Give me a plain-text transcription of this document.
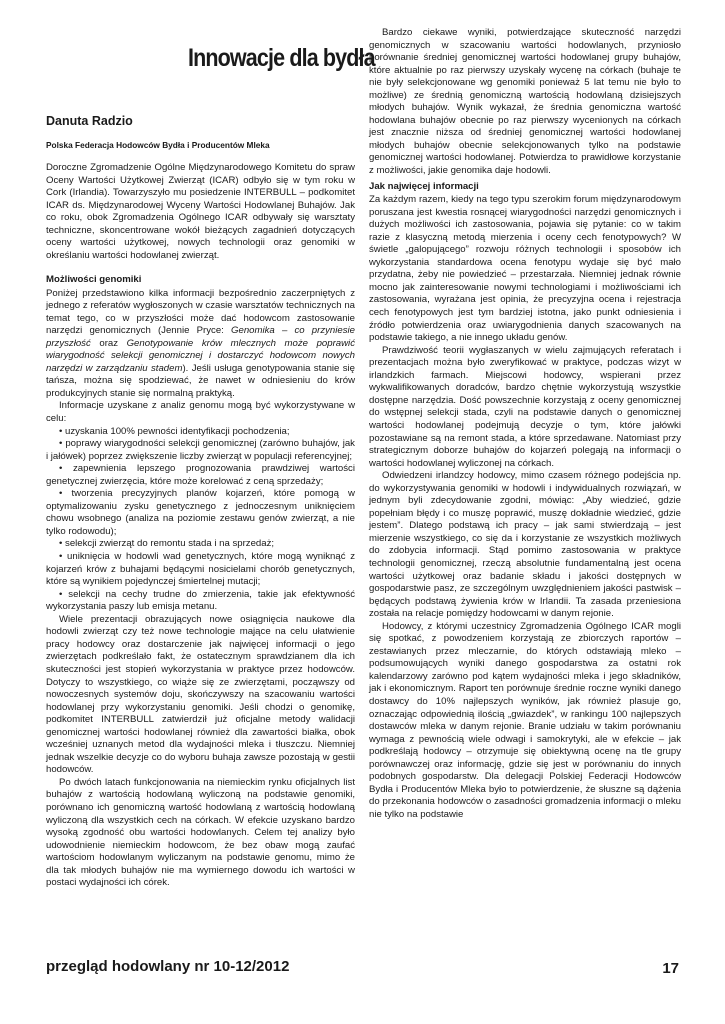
Innowacje dla bydła
Danuta Radzio
Polska Federacja Hodowców Bydła i Producentów Mleka

Doroczne Zgromadzenie Ogólne Międzynarodowego Komitetu do spraw Oceny Wartości Użytkowej Zwierząt (ICAR) odbyło się w tym roku w Cork (Irlandia). Towarzyszyło mu posiedzenie INTERBULL – podkomitet ICAR ds. Międzynarodowej Wyceny Wartości Hodowlanej Buhajów. Jak co roku, obok Zgromadzenia Ogólnego ICAR odbywały się warsztaty techniczne, skoncentrowane wokół bieżących zagadnień dotyczących oceny wartości użytkowej, nowych technologii oraz genomiki w określaniu wartości hodowlanej zwierząt.

Możliwości genomiki

Poniżej przedstawiono kilka informacji bezpośrednio zaczerpniętych z jednego z referatów wygłoszonych w czasie warsztatów technicznych na temat tego, co w przyszłości może dać hodowcom zastosowanie narzędzi genomicznych (Jennie Pryce: Genomika – co przyniesie przyszłość oraz Genotypowanie krów mlecznych może poprawić wiarygodność selekcji genomicznej i dostarczyć hodowcom nowych narzędzi w zarządzaniu stadem). Jeśli usługa genotypowania stanie się tańsza, można się spodziewać, że nawet w odniesieniu do krów produkcyjnych stanie się normalną praktyką.

Informacje uzyskane z analiz genomu mogą być wykorzystywane w celu:

• uzyskania 100% pewności identyfikacji pochodzenia;
• poprawy wiarygodności selekcji genomicznej (zarówno buhajów, jak i jałówek) poprzez zwiększenie liczby zwierząt w populacji referencyjnej;
• zapewnienia lepszego prognozowania prawdziwej wartości genetycznej zwierzęcia, które może korelować z ceną sprzedaży;
• tworzenia precyzyjnych planów kojarzeń, które pomogą w optymalizowaniu zysku genetycznego z jednoczesnym uniknięciem chowu wsobnego (analiza na poziomie zestawu genów zwierząt, a nie tylko rodowodu);
• selekcji zwierząt do remontu stada i na sprzedaż;
• uniknięcia w hodowli wad genetycznych, które mogą wyniknąć z kojarzeń krów z buhajami będącymi nosicielami chorób genetycznych, które są wynikiem pojedynczej śmiertelnej mutacji;
• selekcji na cechy trudne do zmierzenia, takie jak efektywność wykorzystania paszy lub emisja metanu.

Wiele prezentacji obrazujących nowe osiągnięcia naukowe dla hodowli zwierząt czy też nowe technologie mające na celu ułatwienie pracy hodowcy oraz dostarczenie jak najwięcej informacji o jego zwierzętach podkreślało fakt, że ostatecznym sprawdzianem dla ich skuteczności jest stopień wykorzystania w praktyce przez hodowców. Dotyczy to wszystkiego, co wiąże się ze zwierzętami, począwszy od nowoczesnych systemów doju, skończywszy na szacowaniu wartości hodowlanej przy wykorzystaniu genomiki. Jeśli chodzi o genomikę, podkomitet INTERBULL zatwierdził już oficjalne metody walidacji genomicznej wartości hodowlanej również dla zawartości białka, obok wcześniej uznanych metod dla wydajności mleka i tłuszczu. Niemniej jednak wszelkie decyzje co do wyboru buhaja zawsze pozostają w gestii hodowców.

Po dwóch latach funkcjonowania na niemieckim rynku oficjalnych list buhajów z wartością hodowlaną wyliczoną na podstawie genomiki, porównano ich genomiczną wartość hodowlaną z wartością hodowlaną wyliczoną dla wszystkich cech na córkach. W efekcie uzyskano bardzo wysoką zgodność obu wartości hodowlanych. Celem tej analizy było udowodnienie niemieckim hodowcom, że bez obaw mogą zaufać wartościom hodowlanym wyliczanym na podstawie genomu, mimo że dla tak młodych buhajów nie ma wymiernego dowodu ich wartości w postaci wydajności ich córek.

Bardzo ciekawe wyniki, potwierdzające skuteczność narzędzi genomicznych w szacowaniu wartości hodowlanych, przyniosło porównanie średniej genomicznej wartości hodowlanej grupy buhajów, które aktualnie po raz pierwszy uzyskały wycenę na córkach (buhaje te nie były selekcjonowane wg genomiki ponieważ 5 lat temu nie było to możliwe) ze średnią genomiczną wartością hodowlaną dzisiejszych młodych buhajów. Wynik wykazał, że średnia genomiczna wartość hodowlana buhajów obecnie po raz pierwszy wycenionych na córkach jest znacznie niższa od średniej genomicznej wartości hodowlanej młodych buhajów obecnie selekcjonowanych tylko na podstawie genomicznej wartości hodowlanej. Potwierdza to prawidłowe korzystanie z możliwości, jakie genomika daje hodowli.

Jak najwięcej informacji

Za każdym razem, kiedy na tego typu szerokim forum międzynarodowym poruszana jest kwestia rosnącej wiarygodności narzędzi genomicznych i dużych możliwości ich zastosowania, pojawia się pytanie: co w takim razie z klasyczną metodą mierzenia i oceny cech fenotypowych? W świetle „galopującego” rozwoju różnych technologii i sposobów ich wykorzystania standardowa ocena fenotypu wydaje się być mało przydatna, żeby nie powiedzieć – przestarzała. Niemniej jednak równie mocno jak zainteresowanie nowymi technologiami i możliwościami ich zastosowania, wyrażana jest opinia, że precyzyjna ocena i rejestracja cech fenotypowych jest tym bardziej istotna, jako punkt odniesienia i źródło potwierdzenia oraz uwiarygodnienia danych szacowanych na podstawie takiego, a nie innego układu genów.

Prawdziwość teorii wygłaszanych w wielu zajmujących referatach i prezentacjach można było zweryfikować w praktyce, podczas wizyt w irlandzkich farmach. Miejscowi hodowcy, wspierani przez wykwalifikowanych doradców, bardzo chętnie wykorzystują wszystkie dostępne narzędzia. Dość powszechnie korzystają z oceny genomicznej do wstępnej selekcji stada, czyli na podstawie danych o genomicznej wartości hodowlanej podejmują decyzje o tym, które jałówki pozostawiane są na remont stada, a które sprzedawane. Natomiast przy strategicznym doborze buhajów do kojarzeń polegają na informacji o wartości hodowlanej wyliczonej na córkach.

Odwiedzeni irlandzcy hodowcy, mimo czasem różnego podejścia np. do wykorzystywania genomiki w hodowli i indywidualnych rozwiązań, w jednym byli zdecydowanie zgodni, mówiąc: „Aby wiedzieć, gdzie popełniam błędy i co muszę poprawić, muszę dokładnie wiedzieć, gdzie jestem”. Dlatego podstawą ich pracy – jak sami stwierdzają – jest mierzenie wszystkiego, co się da i korzystanie ze wszystkich możliwych do zdobycia informacji. Stąd pomimo zastosowania w praktyce technologii genomicznej, rzeczą absolutnie fundamentalną jest ocena wartości użytkowej oraz badanie składu i jakości dostępnych w gospodarstwie pasz, ze szczególnym uwzględnieniem jakości pastwisk – będących podstawą żywienia krów w Irlandii. Ta zasada przeniesiona została na relacje pomiędzy hodowcami w danym rejonie.

Hodowcy, z którymi uczestnicy Zgromadzenia Ogólnego ICAR mogli się spotkać, z powodzeniem korzystają ze zbiorczych raportów – zestawianych przez mleczarnie, do których odstawiają mleko – podsumowujących wyniki danego gospodarstwa za ostatni rok kalendarzowy zarówno pod kątem wydajności mleka i jego składników, jak i ekonomicznym. Raport ten porównuje średnie roczne wyniki danego dostawcy do 10% najlepszych wyników, jak również plasuje go, oznaczając odpowiednią ilością „gwiazdek”, w rankingu 100 najlepszych dostawców mleka w danym rejonie. Branie udziału w takim porównaniu wymaga z pewnością wiele odwagi i samokrytyki, ale w efekcie – jak podkreślają hodowcy – otrzymuje się obiektywną ocenę na tle grupy porównawczej oraz informację, gdzie się jest w porównaniu do innych podobnych gospodarstw. Dla delegacji Polskiej Federacji Hodowców Bydła i Producentów Mleka było to potwierdzenie, że słuszne są dążenia do przekonania hodowców o zasadności gromadzenia informacji o mleku nie tylko na podstawie

przegląd hodowlany nr 10-12/2012	17
